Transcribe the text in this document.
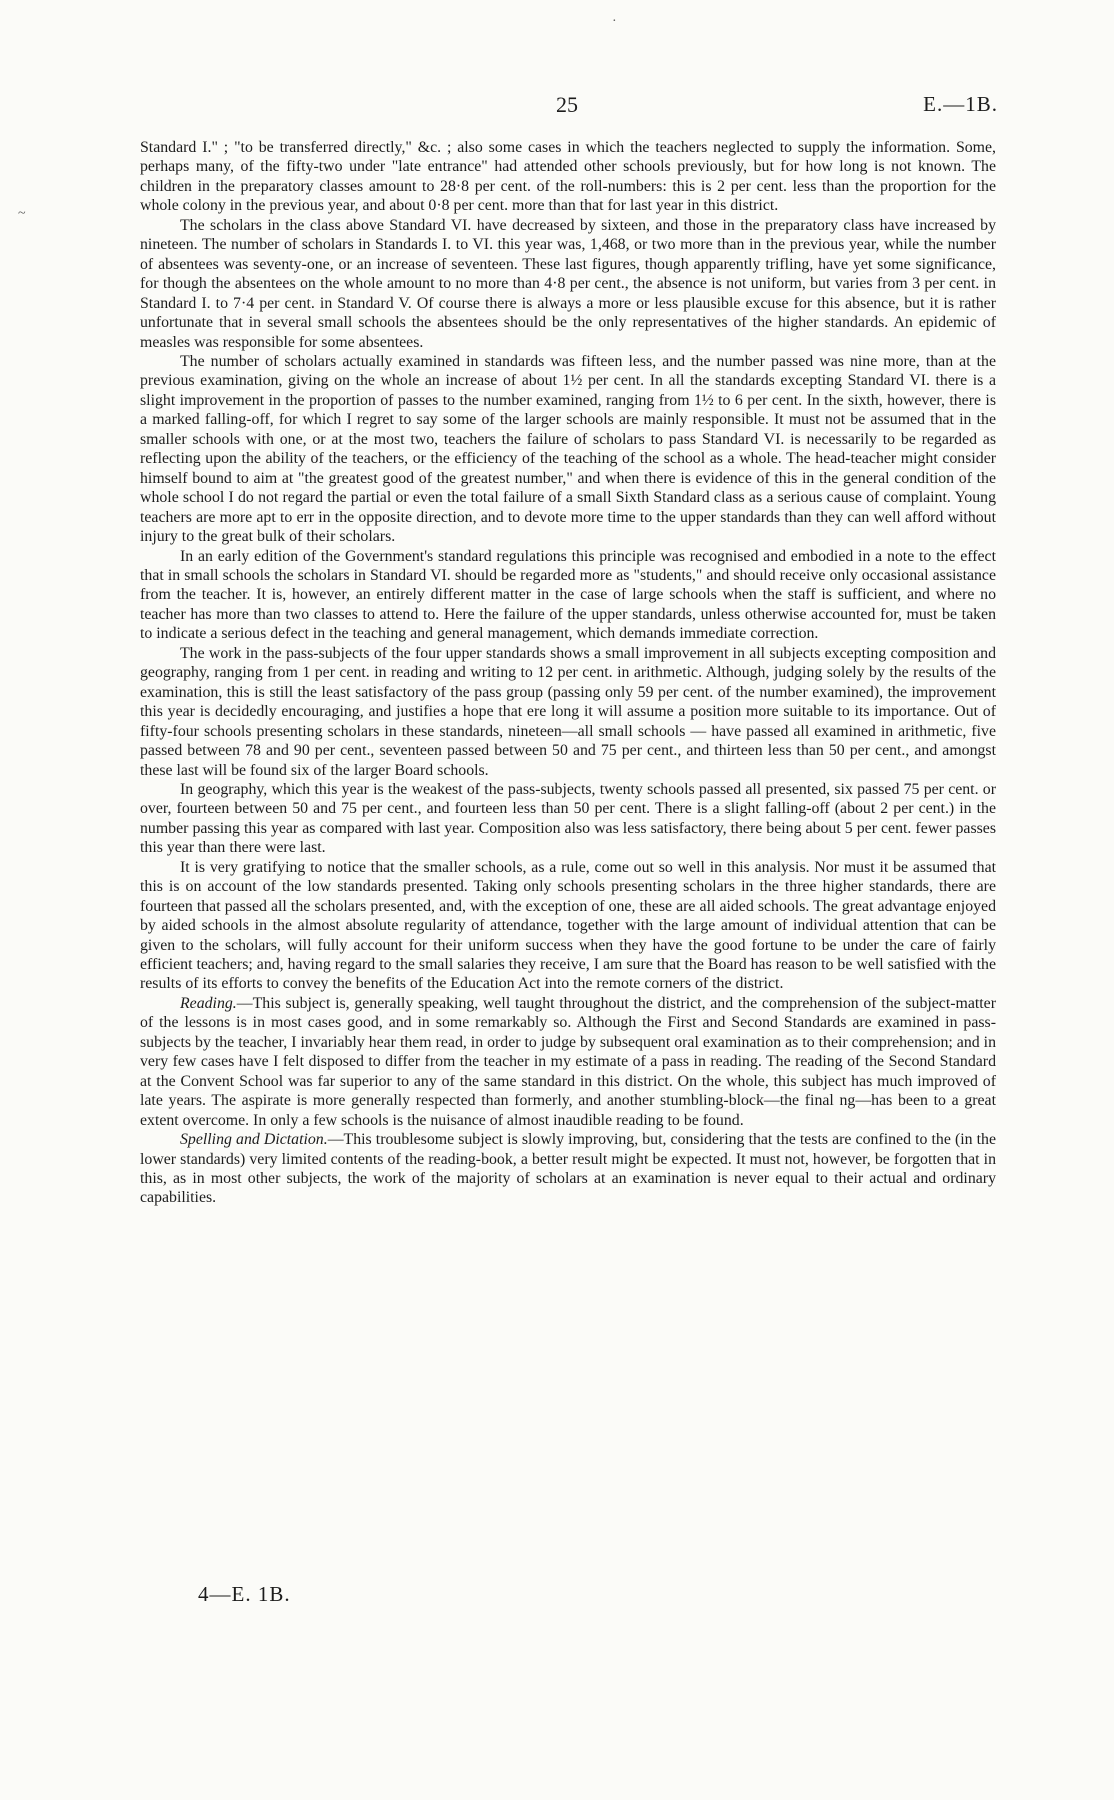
·
~
25	E.—1B.

Standard I." ; "to be transferred directly," &c. ; also some cases in which the teachers neglected to supply the information. Some, perhaps many, of the fifty-two under "late entrance" had attended other schools previously, but for how long is not known. The children in the preparatory classes amount to 28·8 per cent. of the roll-numbers: this is 2 per cent. less than the proportion for the whole colony in the previous year, and about 0·8 per cent. more than that for last year in this district.

The scholars in the class above Standard VI. have decreased by sixteen, and those in the preparatory class have increased by nineteen. The number of scholars in Standards I. to VI. this year was, 1,468, or two more than in the previous year, while the number of absentees was seventy-one, or an increase of seventeen. These last figures, though apparently trifling, have yet some significance, for though the absentees on the whole amount to no more than 4·8 per cent., the absence is not uniform, but varies from 3 per cent. in Standard I. to 7·4 per cent. in Standard V. Of course there is always a more or less plausible excuse for this absence, but it is rather unfortunate that in several small schools the absentees should be the only representatives of the higher standards. An epidemic of measles was responsible for some absentees.

The number of scholars actually examined in standards was fifteen less, and the number passed was nine more, than at the previous examination, giving on the whole an increase of about 1½ per cent. In all the standards excepting Standard VI. there is a slight improvement in the proportion of passes to the number examined, ranging from 1½ to 6 per cent. In the sixth, however, there is a marked falling-off, for which I regret to say some of the larger schools are mainly responsible. It must not be assumed that in the smaller schools with one, or at the most two, teachers the failure of scholars to pass Standard VI. is necessarily to be regarded as reflecting upon the ability of the teachers, or the efficiency of the teaching of the school as a whole. The head-teacher might consider himself bound to aim at "the greatest good of the greatest number," and when there is evidence of this in the general condition of the whole school I do not regard the partial or even the total failure of a small Sixth Standard class as a serious cause of complaint. Young teachers are more apt to err in the opposite direction, and to devote more time to the upper standards than they can well afford without injury to the great bulk of their scholars.

In an early edition of the Government's standard regulations this principle was recognised and embodied in a note to the effect that in small schools the scholars in Standard VI. should be regarded more as "students," and should receive only occasional assistance from the teacher. It is, however, an entirely different matter in the case of large schools when the staff is sufficient, and where no teacher has more than two classes to attend to. Here the failure of the upper standards, unless otherwise accounted for, must be taken to indicate a serious defect in the teaching and general management, which demands immediate correction.

The work in the pass-subjects of the four upper standards shows a small improvement in all subjects excepting composition and geography, ranging from 1 per cent. in reading and writing to 12 per cent. in arithmetic. Although, judging solely by the results of the examination, this is still the least satisfactory of the pass group (passing only 59 per cent. of the number examined), the improvement this year is decidedly encouraging, and justifies a hope that ere long it will assume a position more suitable to its importance. Out of fifty-four schools presenting scholars in these standards, nineteen—all small schools — have passed all examined in arithmetic, five passed between 78 and 90 per cent., seventeen passed between 50 and 75 per cent., and thirteen less than 50 per cent., and amongst these last will be found six of the larger Board schools.

In geography, which this year is the weakest of the pass-subjects, twenty schools passed all presented, six passed 75 per cent. or over, fourteen between 50 and 75 per cent., and fourteen less than 50 per cent. There is a slight falling-off (about 2 per cent.) in the number passing this year as compared with last year. Composition also was less satisfactory, there being about 5 per cent. fewer passes this year than there were last.

It is very gratifying to notice that the smaller schools, as a rule, come out so well in this analysis. Nor must it be assumed that this is on account of the low standards presented. Taking only schools presenting scholars in the three higher standards, there are fourteen that passed all the scholars presented, and, with the exception of one, these are all aided schools. The great advantage enjoyed by aided schools in the almost absolute regularity of attendance, together with the large amount of individual attention that can be given to the scholars, will fully account for their uniform success when they have the good fortune to be under the care of fairly efficient teachers; and, having regard to the small salaries they receive, I am sure that the Board has reason to be well satisfied with the results of its efforts to convey the benefits of the Education Act into the remote corners of the district.

Reading.—This subject is, generally speaking, well taught throughout the district, and the comprehension of the subject-matter of the lessons is in most cases good, and in some remarkably so. Although the First and Second Standards are examined in pass-subjects by the teacher, I invariably hear them read, in order to judge by subsequent oral examination as to their comprehension; and in very few cases have I felt disposed to differ from the teacher in my estimate of a pass in reading. The reading of the Second Standard at the Convent School was far superior to any of the same standard in this district. On the whole, this subject has much improved of late years. The aspirate is more generally respected than formerly, and another stumbling-block—the final ng—has been to a great extent overcome. In only a few schools is the nuisance of almost inaudible reading to be found.

Spelling and Dictation.—This troublesome subject is slowly improving, but, considering that the tests are confined to the (in the lower standards) very limited contents of the reading-book, a better result might be expected. It must not, however, be forgotten that in this, as in most other subjects, the work of the majority of scholars at an examination is never equal to their actual and ordinary capabilities.

4—E. 1B.
